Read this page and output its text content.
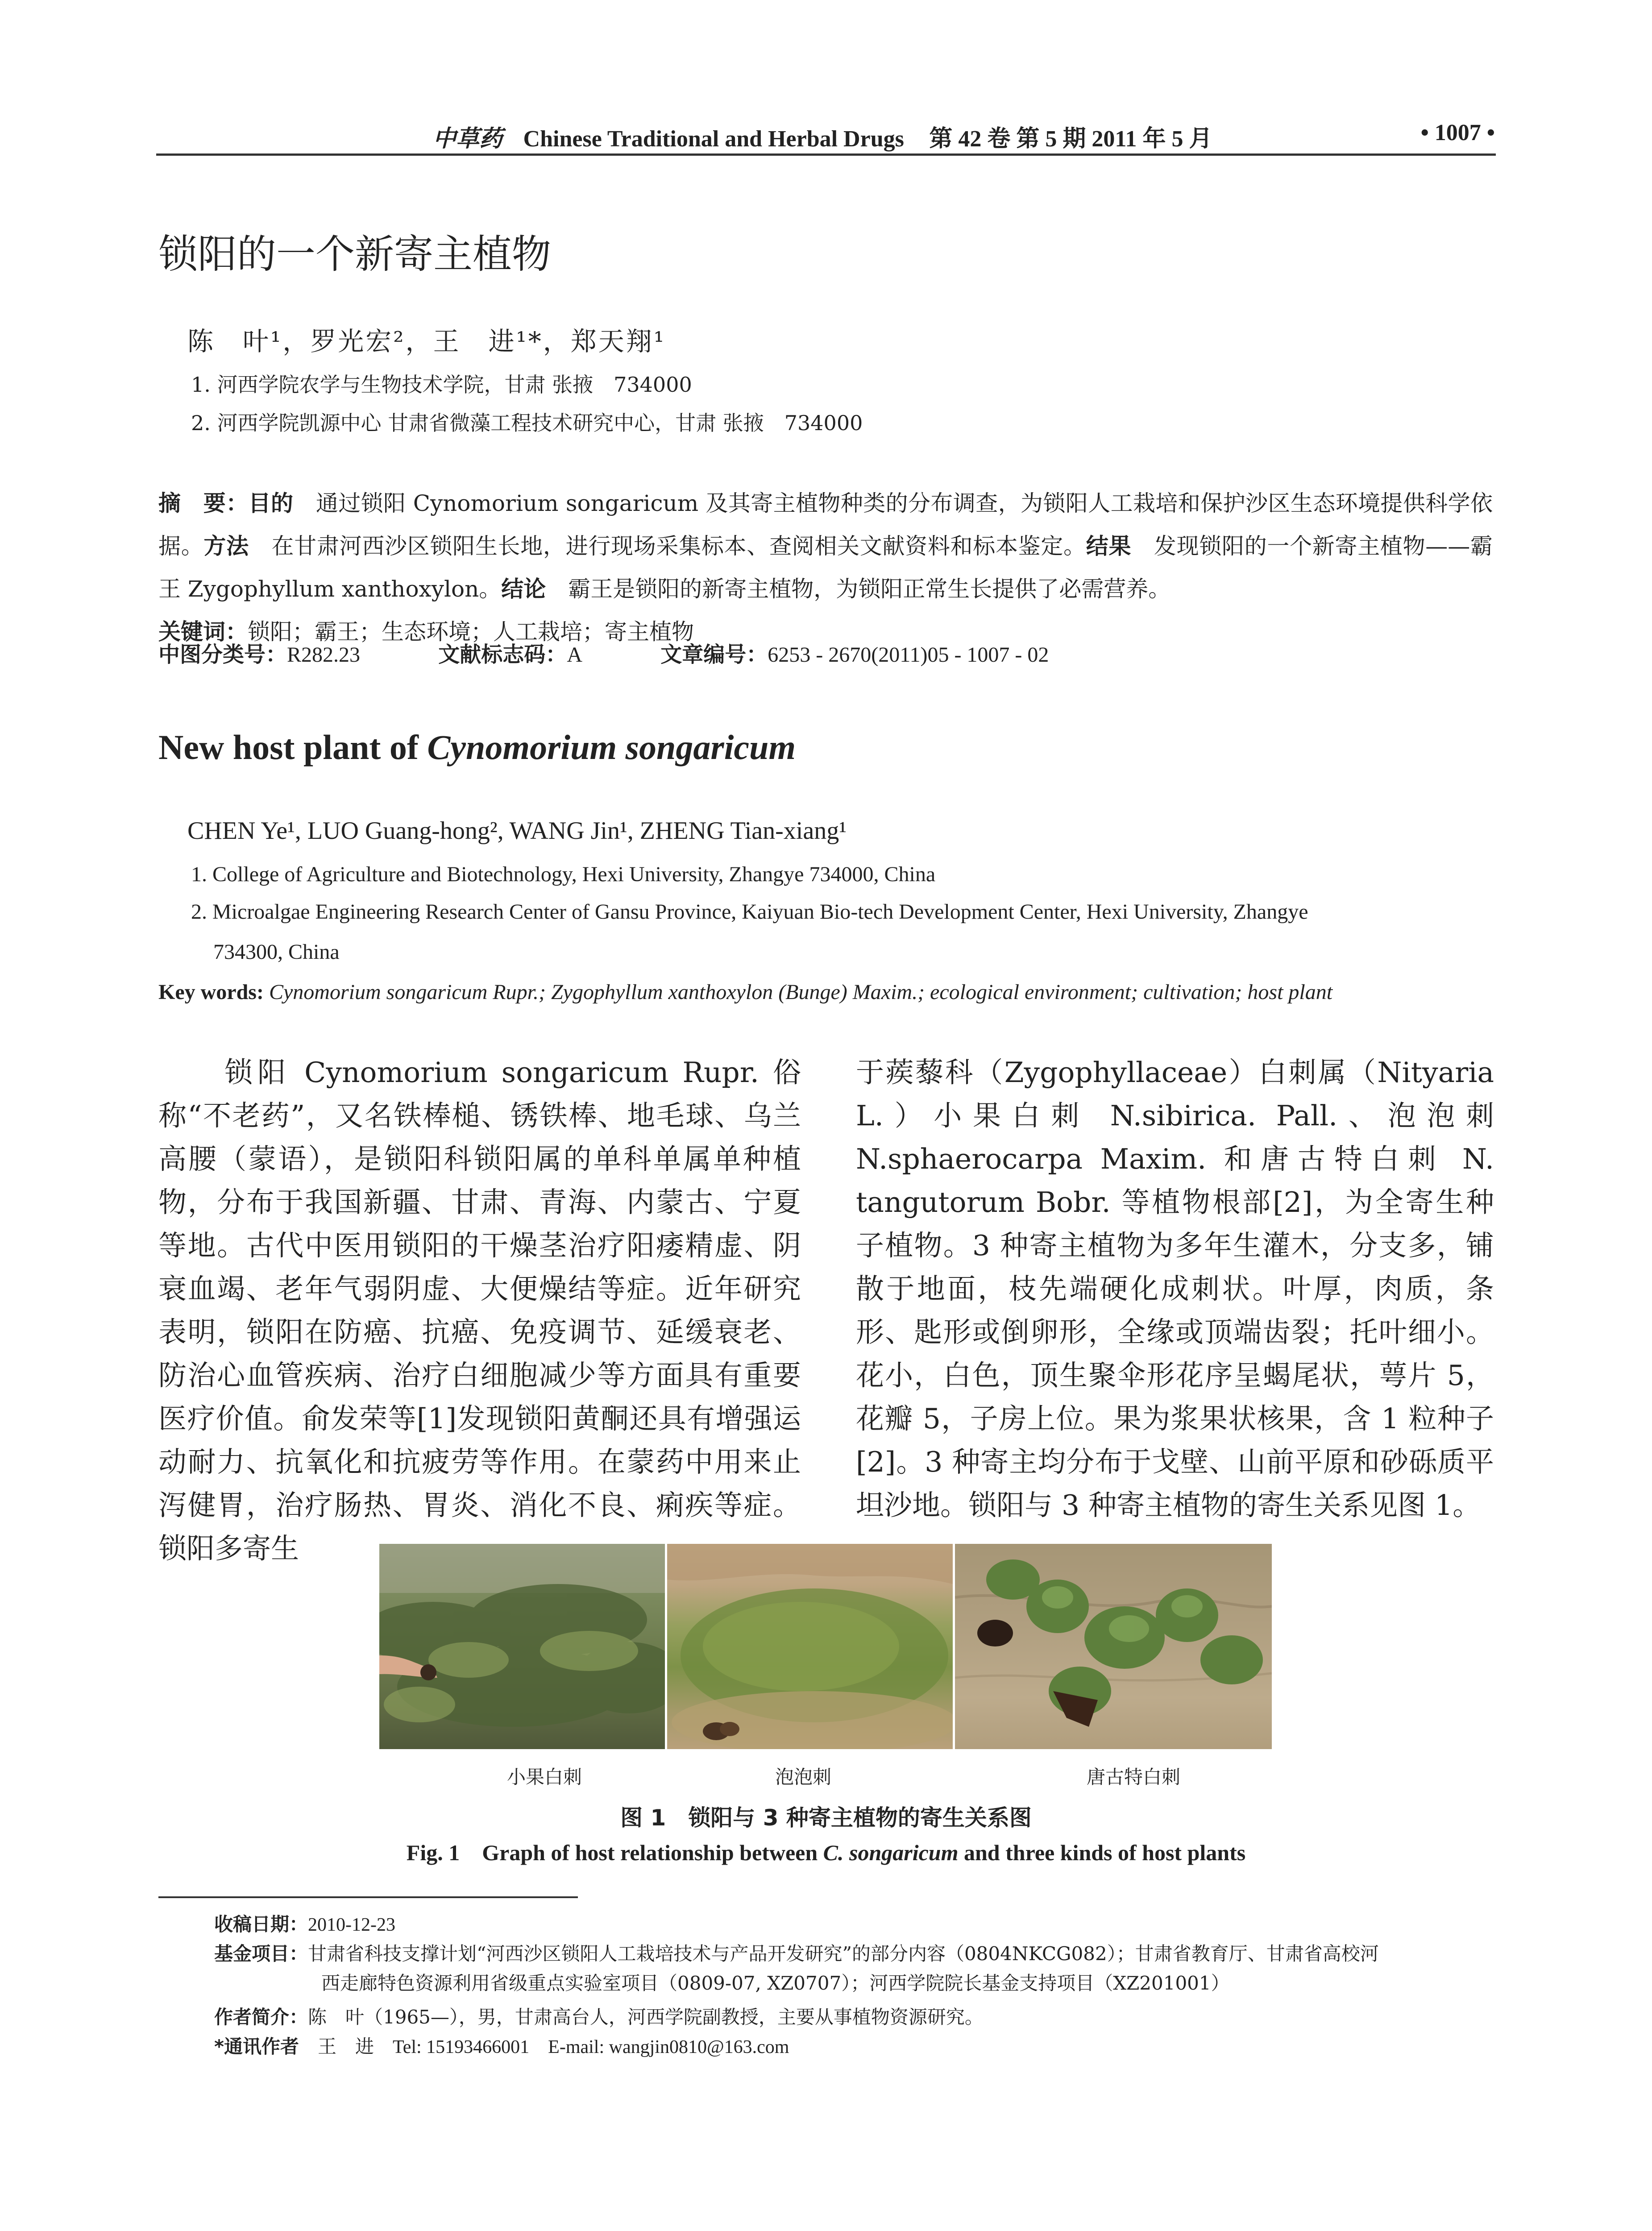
中草药 Chinese Traditional and Herbal Drugs 第 42 卷 第 5 期 2011 年 5 月	• 1007 •
锁阳的一个新寄主植物
陈　叶¹，罗光宏²，王　进¹*，郑天翔¹
1. 河西学院农学与生物技术学院，甘肃 张掖　734000
2. 河西学院凯源中心 甘肃省微藻工程技术研究中心，甘肃 张掖　734000

摘　要：目的　通过锁阳 Cynomorium songaricum 及其寄主植物种类的分布调查，为锁阳人工栽培和保护沙区生态环境提供科学依据。方法　在甘肃河西沙区锁阳生长地，进行现场采集标本、查阅相关文献资料和标本鉴定。结果　发现锁阳的一个新寄主植物——霸王 Zygophyllum xanthoxylon。结论　霸王是锁阳的新寄主植物，为锁阳正常生长提供了必需营养。

关键词：锁阳；霸王；生态环境；人工栽培；寄主植物

中图分类号：R282.23	文献标志码：A	文章编号：6253 - 2670(2011)05 - 1007 - 02
New host plant of Cynomorium songaricum
CHEN Ye¹, LUO Guang-hong², WANG Jin¹, ZHENG Tian-xiang¹
1. College of Agriculture and Biotechnology, Hexi University, Zhangye 734000, China
2. Microalgae Engineering Research Center of Gansu Province, Kaiyuan Bio-tech Development Center, Hexi University, Zhangye
734300, China
Key words: Cynomorium songaricum Rupr.; Zygophyllum xanthoxylon (Bunge) Maxim.; ecological environment; cultivation; host plant

　　锁阳 Cynomorium songaricum Rupr. 俗称“不老药”，又名铁棒槌、锈铁棒、地毛球、乌兰高腰（蒙语），是锁阳科锁阳属的单科单属单种植物，分布于我国新疆、甘肃、青海、内蒙古、宁夏等地。古代中医用锁阳的干燥茎治疗阳痿精虚、阴衰血竭、老年气弱阴虚、大便燥结等症。近年研究表明，锁阳在防癌、抗癌、免疫调节、延缓衰老、防治心血管疾病、治疗白细胞减少等方面具有重要医疗价值。俞发荣等[1]发现锁阳黄酮还具有增强运动耐力、抗氧化和抗疲劳等作用。在蒙药中用来止泻健胃，治疗肠热、胃炎、消化不良、痢疾等症。锁阳多寄生

于蒺藜科（Zygophyllaceae）白刺属（Nityaria L.）小果白刺 N.sibirica. Pall.、泡泡刺 N.sphaerocarpa Maxim. 和唐古特白刺 N. tangutorum Bobr. 等植物根部[2]，为全寄生种子植物。3 种寄主植物为多年生灌木，分支多，铺散于地面，枝先端硬化成刺状。叶厚，肉质，条形、匙形或倒卵形，全缘或顶端齿裂；托叶细小。花小，白色，顶生聚伞形花序呈蝎尾状，萼片 5，花瓣 5，子房上位。果为浆果状核果，含 1 粒种子[2]。3 种寄主均分布于戈壁、山前平原和砂砾质平坦沙地。锁阳与 3 种寄主植物的寄生关系见图 1。

小果白刺	泡泡刺	唐古特白刺
图 1　锁阳与 3 种寄主植物的寄生关系图
Fig. 1　Graph of host relationship between C. songaricum and three kinds of host plants
收稿日期：2010-12-23
基金项目：甘肃省科技支撑计划“河西沙区锁阳人工栽培技术与产品开发研究”的部分内容（0804NKCG082）；甘肃省教育厅、甘肃省高校河
西走廊特色资源利用省级重点实验室项目（0809-07, XZ0707）；河西学院院长基金支持项目（XZ201001）
作者简介：陈　叶（1965—），男，甘肃高台人，河西学院副教授，主要从事植物资源研究。
*通讯作者　王　进　Tel: 15193466001　E-mail: wangjin0810@163.com
